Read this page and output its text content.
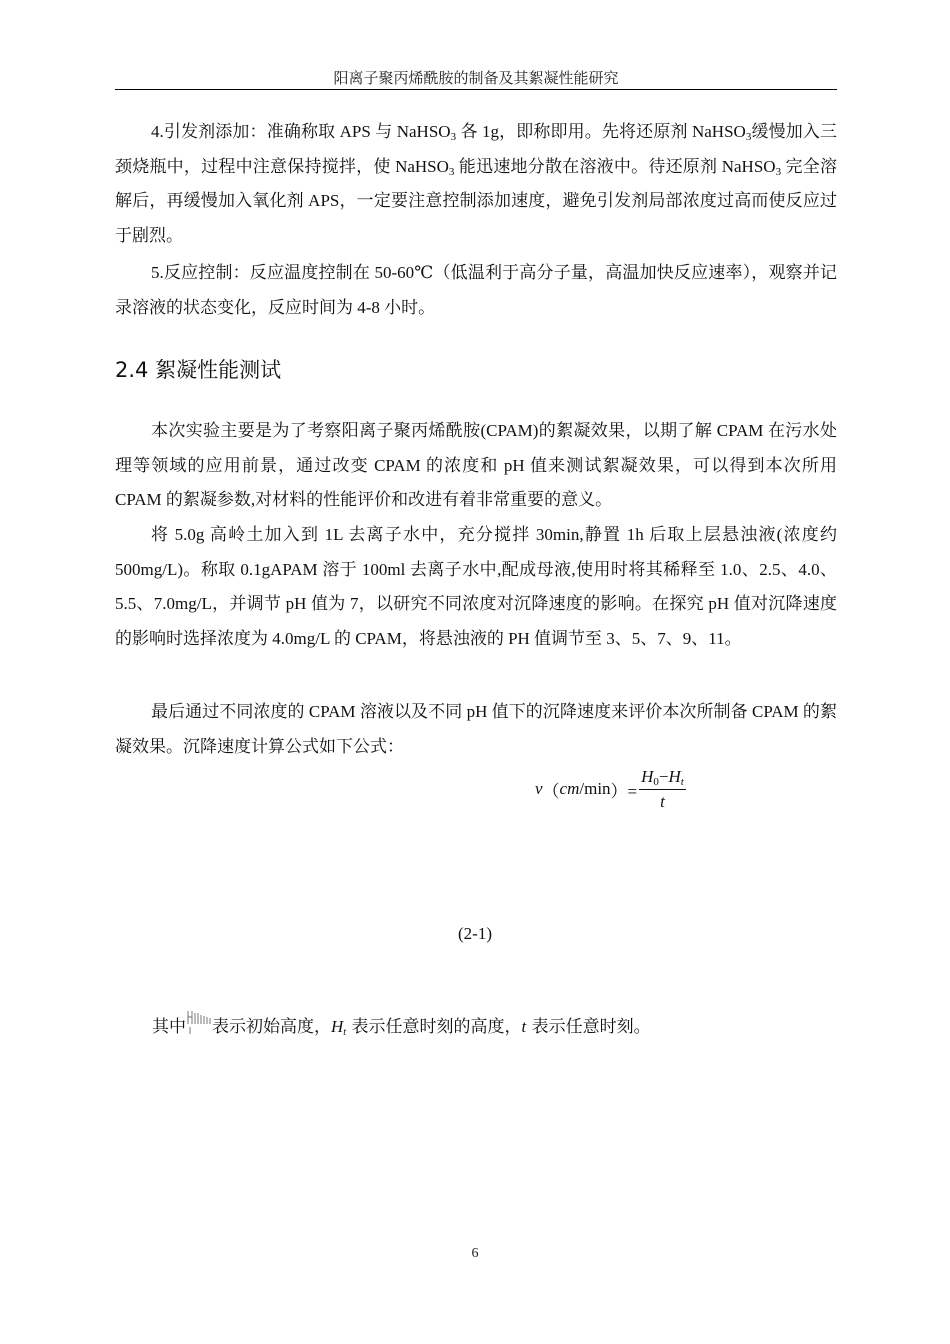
阳离子聚丙烯酰胺的制备及其絮凝性能研究

4.引发剂添加：准确称取 APS 与 NaHSO$_3$ 各 1g，即称即用。先将还原剂 NaHSO$_3$缓慢加入三颈烧瓶中，过程中注意保持搅拌，使 NaHSO$_3$ 能迅速地分散在溶液中。待还原剂 NaHSO$_3$ 完全溶解后，再缓慢加入氧化剂 APS，一定要注意控制添加速度，避免引发剂局部浓度过高而使反应过于剧烈。

5.反应控制：反应温度控制在 50-60℃（低温利于高分子量，高温加快反应速率），观察并记录溶液的状态变化，反应时间为 4-8 小时。

2.4 絮凝性能测试

本次实验主要是为了考察阳离子聚丙烯酰胺(CPAM)的絮凝效果，以期了解 CPAM 在污水处理等领域的应用前景，通过改变 CPAM 的浓度和 pH 值来测试絮凝效果，可以得到本次所用 CPAM 的絮凝参数,对材料的性能评价和改进有着非常重要的意义。

将 5.0g 高岭土加入到 1L 去离子水中，充分搅拌 30min,静置 1h 后取上层悬浊液(浓度约 500mg/L)。称取 0.1gAPAM 溶于 100ml 去离子水中,配成母液,使用时将其稀释至 1.0、2.5、4.0、5.5、7.0mg/L，并调节 pH 值为 7，以研究不同浓度对沉降速度的影响。在探究 pH 值对沉降速度的影响时选择浓度为 4.0mg/L 的 CPAM，将悬浊液的 PH 值调节至 3、5、7、9、11。

最后通过不同浓度的 CPAM 溶液以及不同 pH 值下的沉降速度来评价本次所制备 CPAM 的絮凝效果。沉降速度计算公式如下公式：

v （ cm /min ）= $\frac{H_0-H_t}{t}$
(2-1)
其中 表示初始高度，$H_t$ 表示任意时刻的高度，t 表示任意时刻。
6
